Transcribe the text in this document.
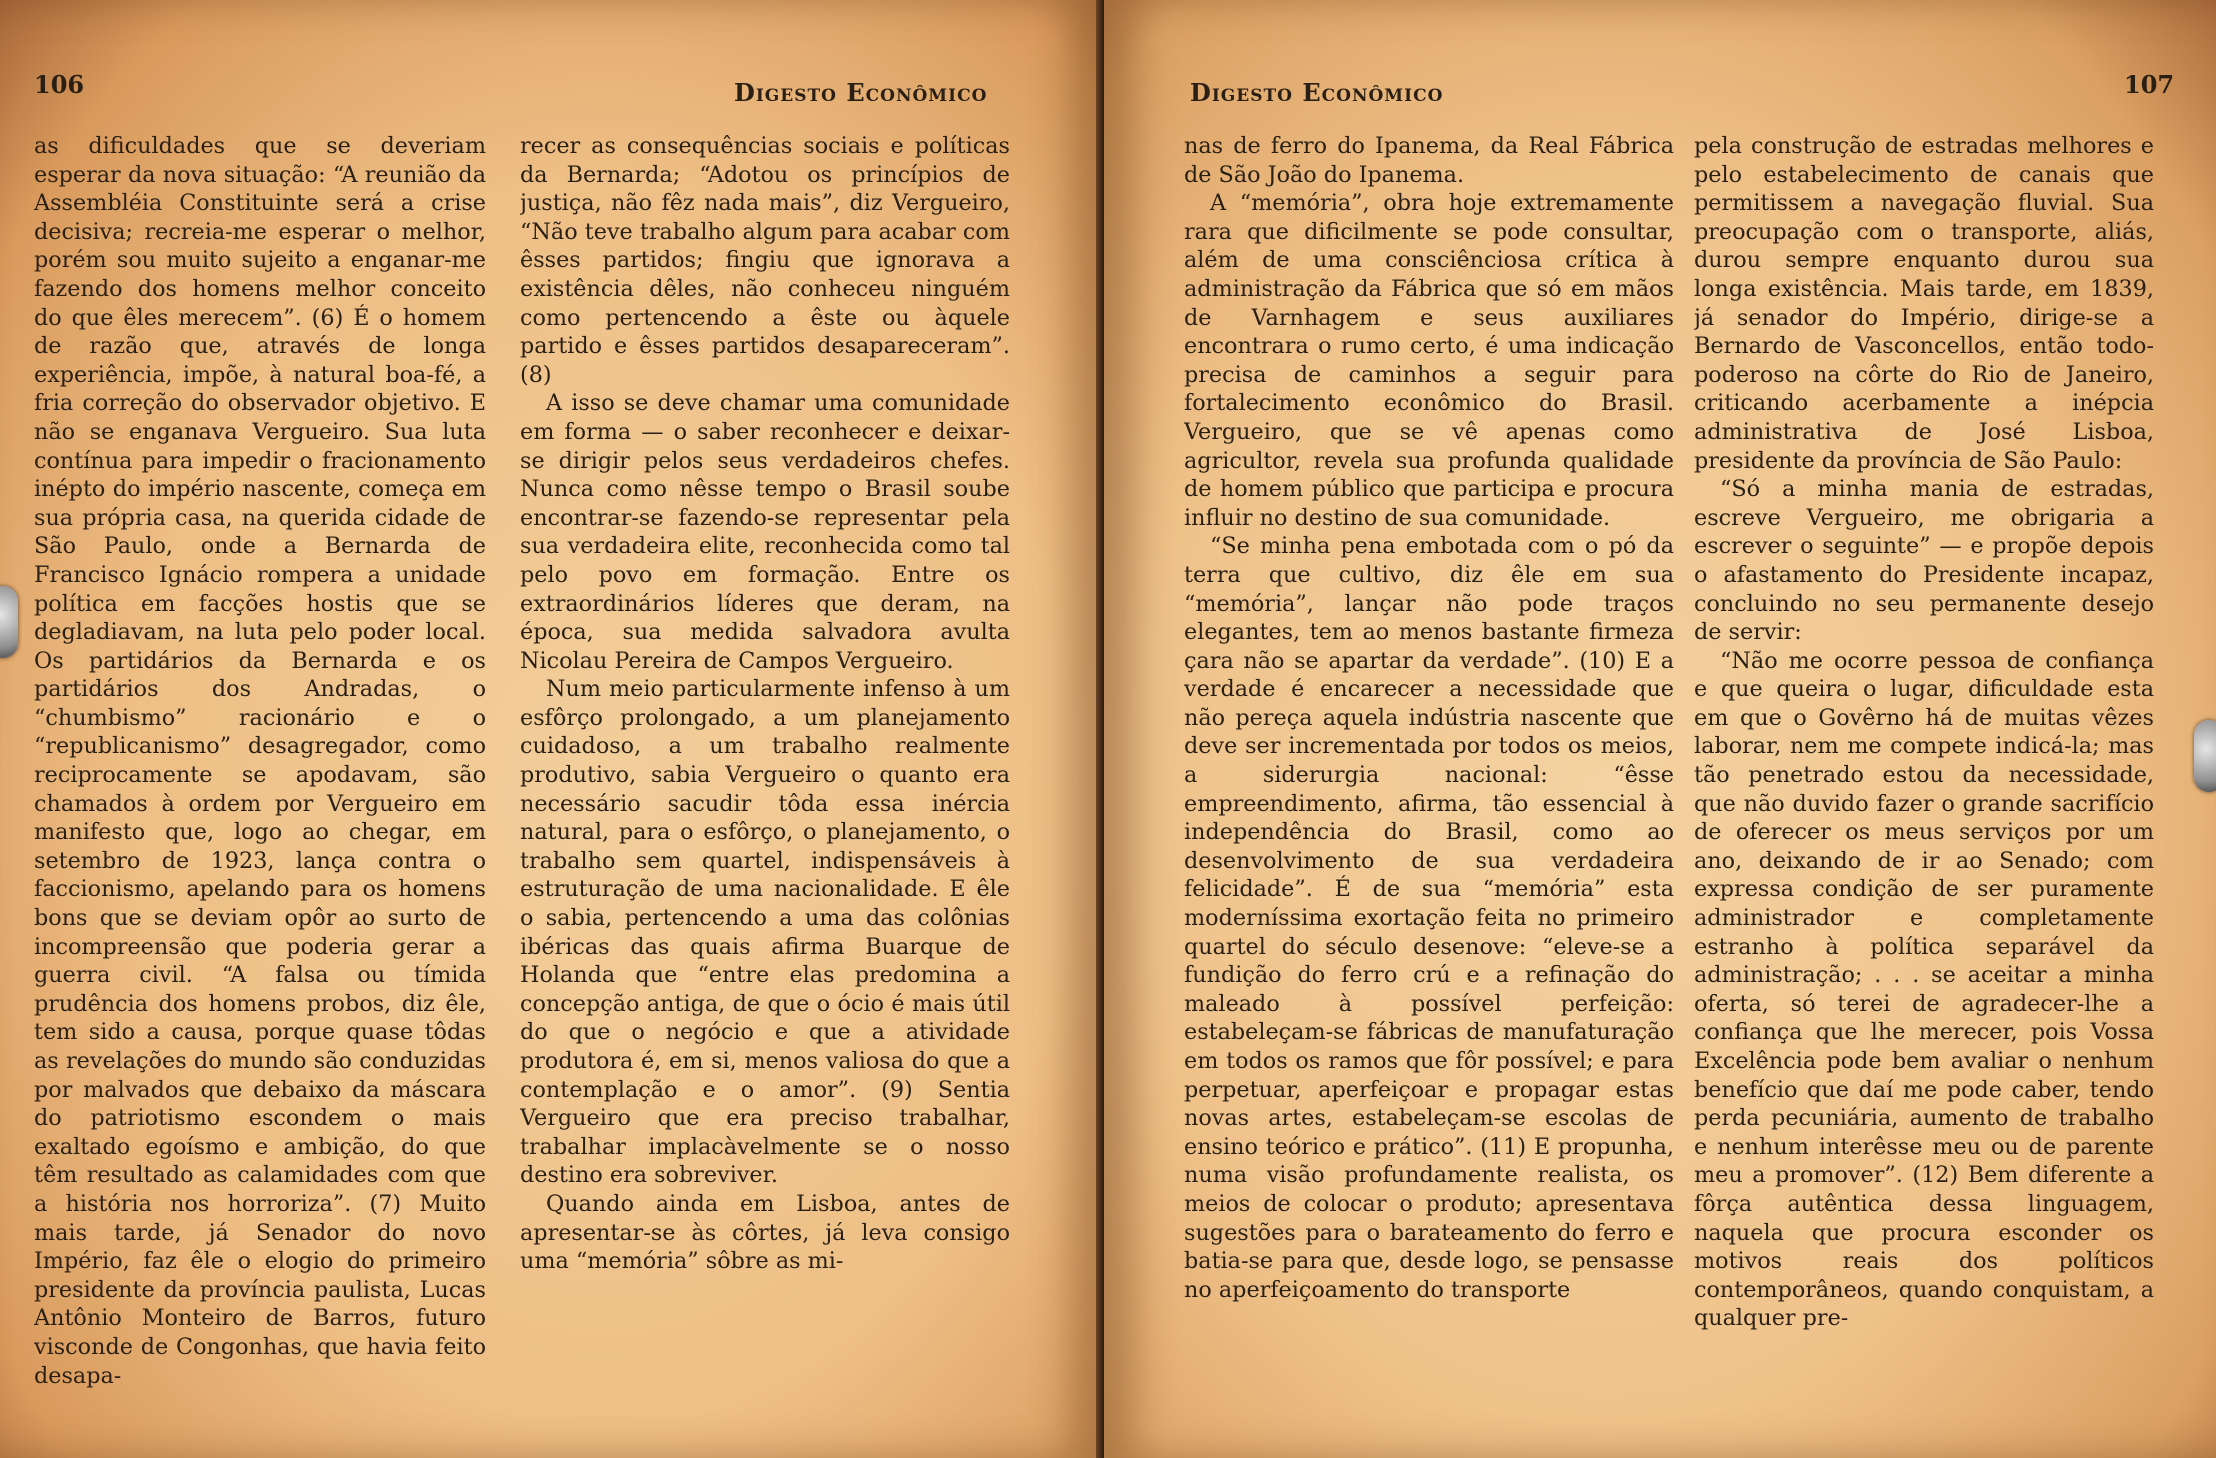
106	Digesto Econômico

as dificuldades que se deveriam esperar da nova situação: “A reunião da Assembléia Constituinte será a crise decisiva; recreia-me esperar o melhor, porém sou muito sujeito a enganar-me fazendo dos homens melhor conceito do que êles merecem”. (6) É o homem de razão que, através de longa experiência, impõe, à natural boa-fé, a fria correção do observador objetivo. E não se enganava Vergueiro. Sua luta contínua para impedir o fracionamento inépto do império nascente, começa em sua própria casa, na querida cidade de São Paulo, onde a Bernarda de Francisco Ignácio rompera a unidade política em facções hostis que se degladiavam, na luta pelo poder local. Os partidários da Bernarda e os partidários dos Andradas, o “chumbismo” racionário e o “republicanismo” desagregador, como reciprocamente se apodavam, são chamados à ordem por Vergueiro em manifesto que, logo ao chegar, em setembro de 1923, lança contra o faccionismo, apelando para os homens bons que se deviam opôr ao surto de incompreensão que poderia gerar a guerra civil. “A falsa ou tímida prudência dos homens probos, diz êle, tem sido a causa, porque quase tôdas as revelações do mundo são conduzidas por malvados que debaixo da máscara do patriotismo escondem o mais exaltado egoísmo e ambição, do que têm resultado as calamidades com que a história nos horroriza”. (7) Muito mais tarde, já Senador do novo Império, faz êle o elogio do primeiro presidente da província paulista, Lucas Antônio Monteiro de Barros, futuro visconde de Congonhas, que havia feito desapa-

recer as consequências sociais e políticas da Bernarda; “Adotou os princípios de justiça, não fêz nada mais”, diz Vergueiro, “Não teve trabalho algum para acabar com êsses partidos; fingiu que ignorava a existência dêles, não conheceu ninguém como pertencendo a êste ou àquele partido e êsses partidos desapareceram”. (8)

A isso se deve chamar uma comunidade em forma — o saber reconhecer e deixar-se dirigir pelos seus verdadeiros chefes. Nunca como nêsse tempo o Brasil soube encontrar-se fazendo-se representar pela sua verdadeira elite, reconhecida como tal pelo povo em formação. Entre os extraordinários líderes que deram, na época, sua medida salvadora avulta Nicolau Pereira de Campos Vergueiro.

Num meio particularmente infenso à um esfôrço prolongado, a um planejamento cuidadoso, a um trabalho realmente produtivo, sabia Vergueiro o quanto era necessário sacudir tôda essa inércia natural, para o esfôrço, o planejamento, o trabalho sem quartel, indispensáveis à estruturação de uma nacionalidade. E êle o sabia, pertencendo a uma das colônias ibéricas das quais afirma Buarque de Holanda que “entre elas predomina a concepção antiga, de que o ócio é mais útil do que o negócio e que a atividade produtora é, em si, menos valiosa do que a contemplação e o amor”. (9) Sentia Vergueiro que era preciso trabalhar, trabalhar implacàvelmente se o nosso destino era sobreviver.

Quando ainda em Lisboa, antes de apresentar-se às côrtes, já leva consigo uma “memória” sôbre as mi-

Digesto Econômico	107

nas de ferro do Ipanema, da Real Fábrica de São João do Ipanema.

A “memória”, obra hoje extremamente rara que dificilmente se pode consultar, além de uma consciênciosa crítica à administração da Fábrica que só em mãos de Varnhagem e seus auxiliares encontrara o rumo certo, é uma indicação precisa de caminhos a seguir para fortalecimento econômico do Brasil. Vergueiro, que se vê apenas como agricultor, revela sua profunda qualidade de homem público que participa e procura influir no destino de sua comunidade.

“Se minha pena embotada com o pó da terra que cultivo, diz êle em sua “memória”, lançar não pode traços elegantes, tem ao menos bastante firmeza çara não se apartar da verdade”. (10) E a verdade é encarecer a necessidade que não pereça aquela indústria nascente que deve ser incrementada por todos os meios, a siderurgia nacional: “êsse empreendimento, afirma, tão essencial à independência do Brasil, como ao desenvolvimento de sua verdadeira felicidade”. É de sua “memória” esta moderníssima exortação feita no primeiro quartel do século desenove: “eleve-se a fundição do ferro crú e a refinação do maleado à possível perfeição: estabeleçam-se fábricas de manufaturação em todos os ramos que fôr possível; e para perpetuar, aperfeiçoar e propagar estas novas artes, estabeleçam-se escolas de ensino teórico e prático”. (11) E propunha, numa visão profundamente realista, os meios de colocar o produto; apresentava sugestões para o barateamento do ferro e batia-se para que, desde logo, se pensasse no aperfeiçoamento do transporte

pela construção de estradas melhores e pelo estabelecimento de canais que permitissem a navegação fluvial. Sua preocupação com o transporte, aliás, durou sempre enquanto durou sua longa existência. Mais tarde, em 1839, já senador do Império, dirige-se a Bernardo de Vasconcellos, então todo-poderoso na côrte do Rio de Janeiro, criticando acerbamente a inépcia administrativa de José Lisboa, presidente da província de São Paulo:

“Só a minha mania de estradas, escreve Vergueiro, me obrigaria a escrever o seguinte” — e propõe depois o afastamento do Presidente incapaz, concluindo no seu permanente desejo de servir:

“Não me ocorre pessoa de confiança e que queira o lugar, dificuldade esta em que o Govêrno há de muitas vêzes laborar, nem me compete indicá-la; mas tão penetrado estou da necessidade, que não duvido fazer o grande sacrifício de oferecer os meus serviços por um ano, deixando de ir ao Senado; com expressa condição de ser puramente administrador e completamente estranho à política separável da administração; . . . se aceitar a minha oferta, só terei de agradecer-lhe a confiança que lhe merecer, pois Vossa Excelência pode bem avaliar o nenhum benefício que daí me pode caber, tendo perda pecuniária, aumento de trabalho e nenhum interêsse meu ou de parente meu a promover”. (12) Bem diferente a fôrça autêntica dessa linguagem, naquela que procura esconder os motivos reais dos políticos contemporâneos, quando conquistam, a qualquer pre-
